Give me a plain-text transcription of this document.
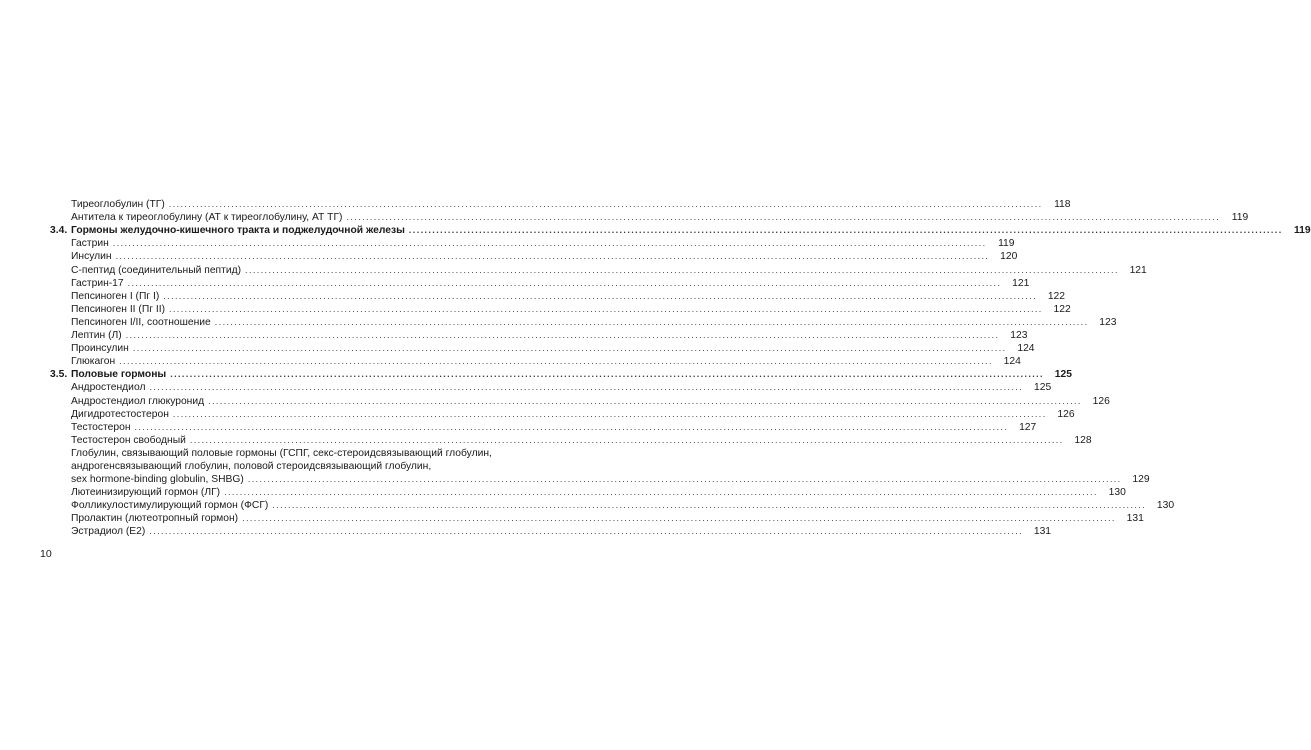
Тиреоглобулин (ТГ) .....	118
Антитела к тиреоглобулину (АТ к тиреоглобулину, АТ ТГ) .....	119
3.4. Гормоны желудочно-кишечного тракта и поджелудочной железы .....	119
Гастрин .....	119
Инсулин .....	120
С-пептид (соединительный пептид) .....	121
Гастрин-17 .....	121
Пепсиноген I (Пг I) .....	122
Пепсиноген II (Пг II) .....	122
Пепсиноген I/II, соотношение .....	123
Лептин (Л) .....	123
Проинсулин .....	124
Глюкагон .....	124
3.5. Половые гормоны .....	125
Андростендиол .....	125
Андростендиол глюкуронид .....	126
Дигидротестостерон .....	126
Тестостерон .....	127
Тестостерон свободный .....	128
Глобулин, связывающий половые гормоны (ГСПГ, секс-стероидсвязывающий глобулин,
андрогенсвязывающий глобулин, половой стероидсвязывающий глобулин,
sex hormone-binding globulin, SHBG) .....	129
Лютеинизирующий гормон (ЛГ) .....	130
Фолликулостимулирующий гормон (ФСГ) .....	130
Пролактин (лютеотропный гормон) .....	131
Эстрадиол (Е2) .....	131
10
